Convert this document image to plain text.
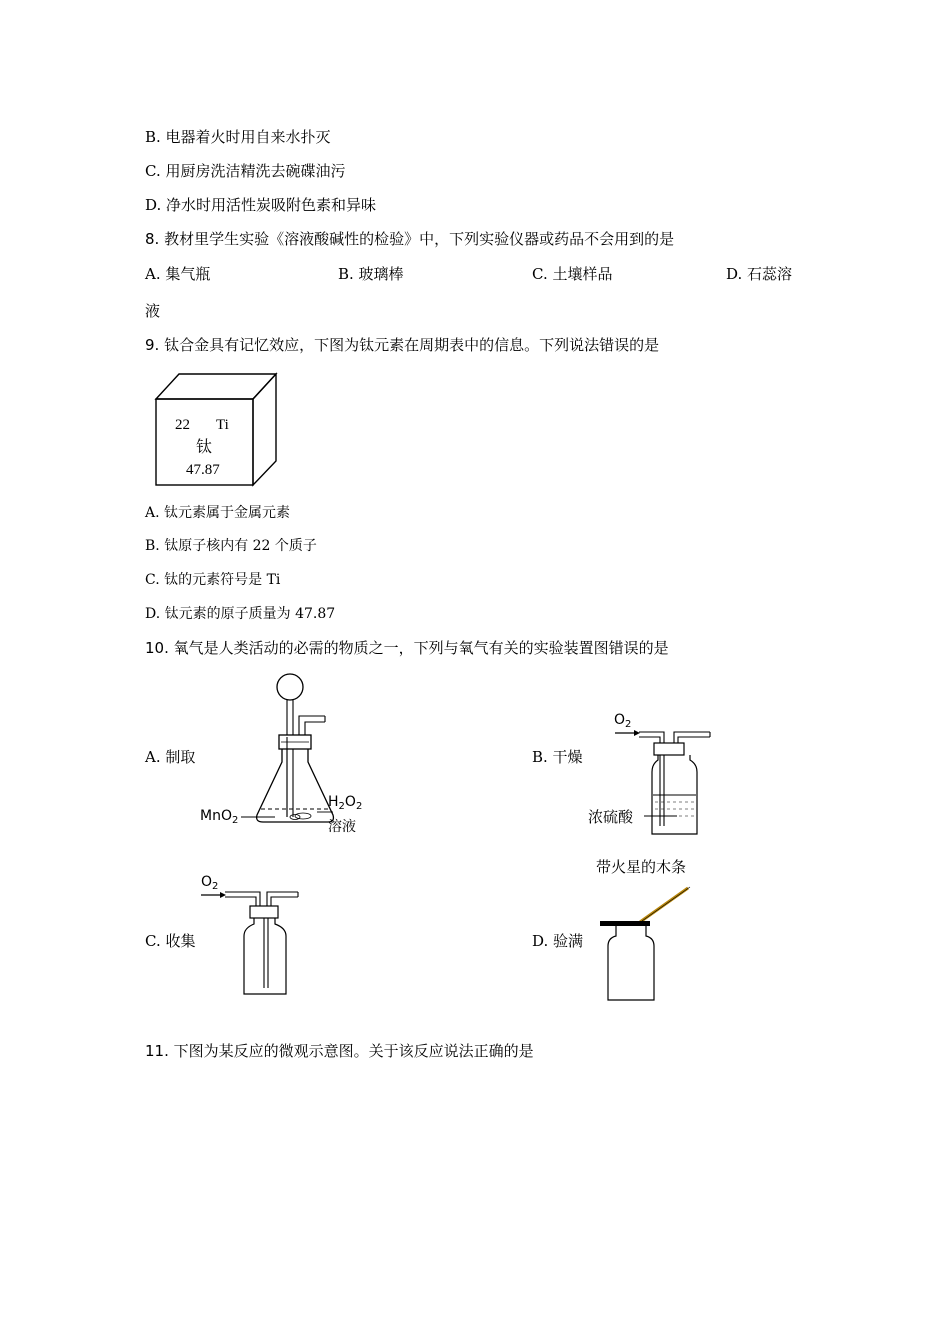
B. 电器着火时用自来水扑灭
C. 用厨房洗洁精洗去碗碟油污
D. 净水时用活性炭吸附色素和异味
8. 教材里学生实验《溶液酸碱性的检验》中，下列实验仪器或药品不会用到的是
A. 集气瓶	B. 玻璃棒	C. 土壤样品	D. 石蕊溶
液
9. 钛合金具有记忆效应，下图为钛元素在周期表中的信息。下列说法错误的是
22 Ti
钛
47.87
A. 钛元素属于金属元素
B. 钛原子核内有 22 个质子
C. 钛的元素符号是 Ti
D. 钛元素的原子质量为 47.87
10. 氧气是人类活动的必需的物质之一，下列与氧气有关的实验装置图错误的是
A. 制取	B. 干燥
C. 收集	D. 验满
MnO$_2$
$H_2O_2$
溶液
$O_2$
浓硫酸
$O_2$
带火星的木条
11. 下图为某反应的微观示意图。关于该反应说法正确的是
